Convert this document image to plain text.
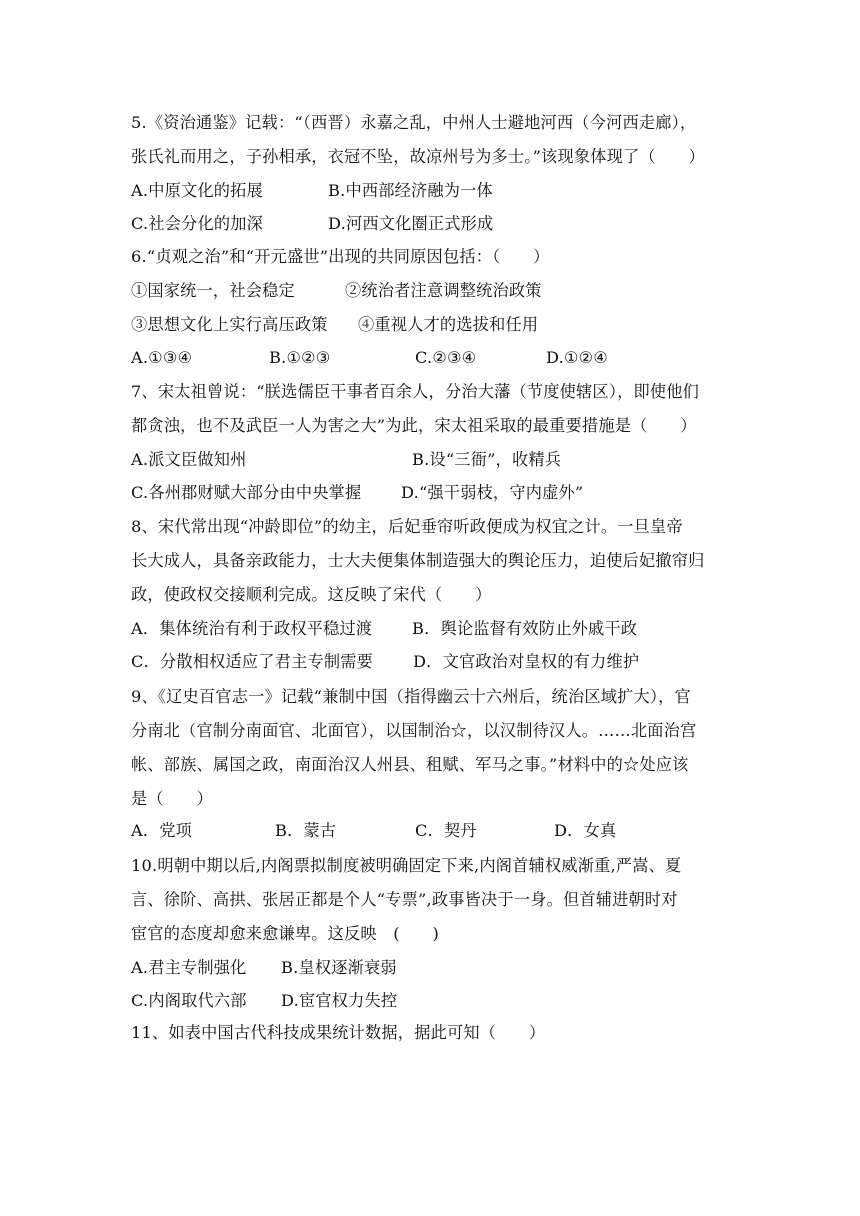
5.《资治通鉴》记载：“（西晋）永嘉之乱，中州人士避地河西（今河西走廊），
张氏礼而用之，子孙相承，衣冠不坠，故凉州号为多士。”该现象体现了（　　）
A.中原文化的拓展	B.中西部经济融为一体
C.社会分化的加深	D.河西文化圈正式形成
6.“贞观之治”和“开元盛世”出现的共同原因包括：（　　）
①国家统一，社会稳定	②统治者注意调整统治政策
③思想文化上实行高压政策 ④重视人才的选拔和任用
A.①③④	B.①②③	C.②③④	D.①②④
7、宋太祖曾说：“朕选儒臣干事者百余人，分治大藩（节度使辖区），即使他们
都贪浊，也不及武臣一人为害之大”为此，宋太祖采取的最重要措施是（　　）
A.派文臣做知州	B.设“三衙”，收精兵
C.各州郡财赋大部分由中央掌握 D.“强干弱枝，守内虚外”
8、宋代常出现“冲龄即位”的幼主，后妃垂帘听政便成为权宜之计。一旦皇帝
长大成人，具备亲政能力，士大夫便集体制造强大的舆论压力，迫使后妃撤帘归
政，使政权交接顺利完成。这反映了宋代（　　）
A．集体统治有利于政权平稳过渡 B．舆论监督有效防止外戚干政
C．分散相权适应了君主专制需要 D．文官政治对皇权的有力维护
9、《辽史百官志一》记载“兼制中国（指得幽云十六州后，统治区域扩大），官
分南北（官制分南面官、北面官），以国制治☆，以汉制待汉人。……北面治宫
帐、部族、属国之政，南面治汉人州县、租赋、军马之事。”材料中的☆处应该
是（　　）
A．党项	B．蒙古	C．契丹	D．女真
10.明朝中期以后,内阁票拟制度被明确固定下来,内阁首辅权威渐重,严嵩、夏
言、徐阶、高拱、张居正都是个人“专票”,政事皆决于一身。但首辅进朝时对
宦官的态度却愈来愈谦卑。这反映　(　　)
A.君主专制强化 B.皇权逐渐衰弱
C.内阁取代六部 D.宦官权力失控
11、如表中国古代科技成果统计数据，据此可知（　　）
